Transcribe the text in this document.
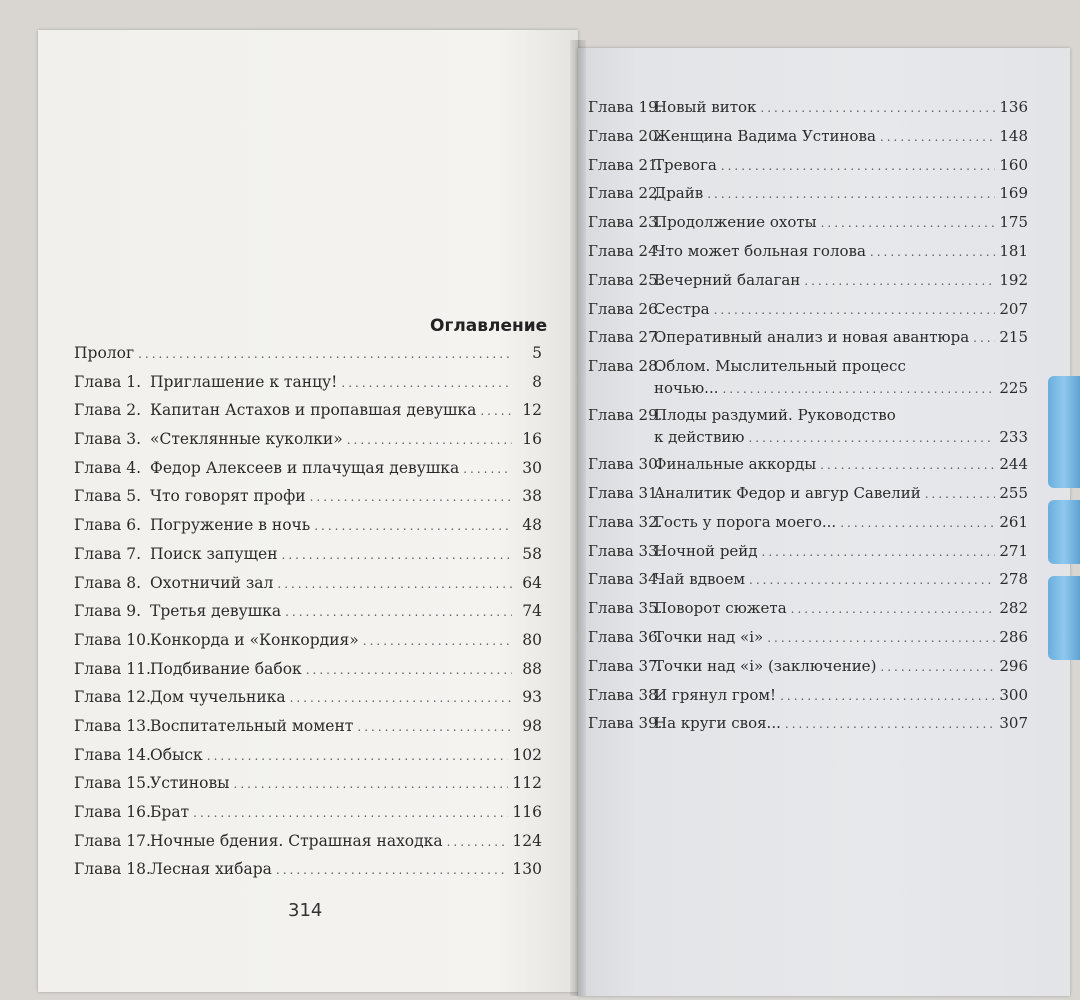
Оглавление
Пролог .....	5
Глава 1. Приглашение к танцу! .....	8
Глава 2. Капитан Астахов и пропавшая девушка .....	12
Глава 3. «Стеклянные куколки» .....	16
Глава 4. Федор Алексеев и плачущая девушка .....	30
Глава 5. Что говорят профи .....	38
Глава 6. Погружение в ночь .....	48
Глава 7. Поиск запущен .....	58
Глава 8. Охотничий зал .....	64
Глава 9. Третья девушка .....	74
Глава 10.Конкорда и «Конкордия» .....	80
Глава 11.Подбивание бабок .....	88
Глава 12.Дом чучельника .....	93
Глава 13.Воспитательный момент .....	98
Глава 14.Обыск .....	102
Глава 15.Устиновы .....	112
Глава 16.Брат .....	116
Глава 17.Ночные бдения. Страшная находка .....	124
Глава 18.Лесная хибара .....	130
Глава 19.Новый виток .....	136
Глава 20.Женщина Вадима Устинова .....	148
Глава 21.Тревога .....	160
Глава 22.Драйв .....	169
Глава 23.Продолжение охоты .....	175
Глава 24.Что может больная голова .....	181
Глава 25.Вечерний балаган .....	192
Глава 26.Сестра .....	207
Глава 27.Оперативный анализ и новая авантюра ..... 215
Глава 28.Облом. Мыслительный процесс
ночью... .....	225
Глава 29.Плоды раздумий. Руководство
к действию .....	233
Глава 30.Финальные аккорды .....	244
Глава 31.Аналитик Федор и авгур Савелий .....	255
Глава 32.Гость у порога моего... .....	261
Глава 33.Ночной рейд .....	271
Глава 34.Чай вдвоем .....	278
Глава 35.Поворот сюжета .....	282
Глава 36.Точки над «i» .....	286
Глава 37.Точки над «i» (заключение) .....	296
Глава 38.И грянул гром! .....	300
Глава 39.На круги своя... .....	307
314
